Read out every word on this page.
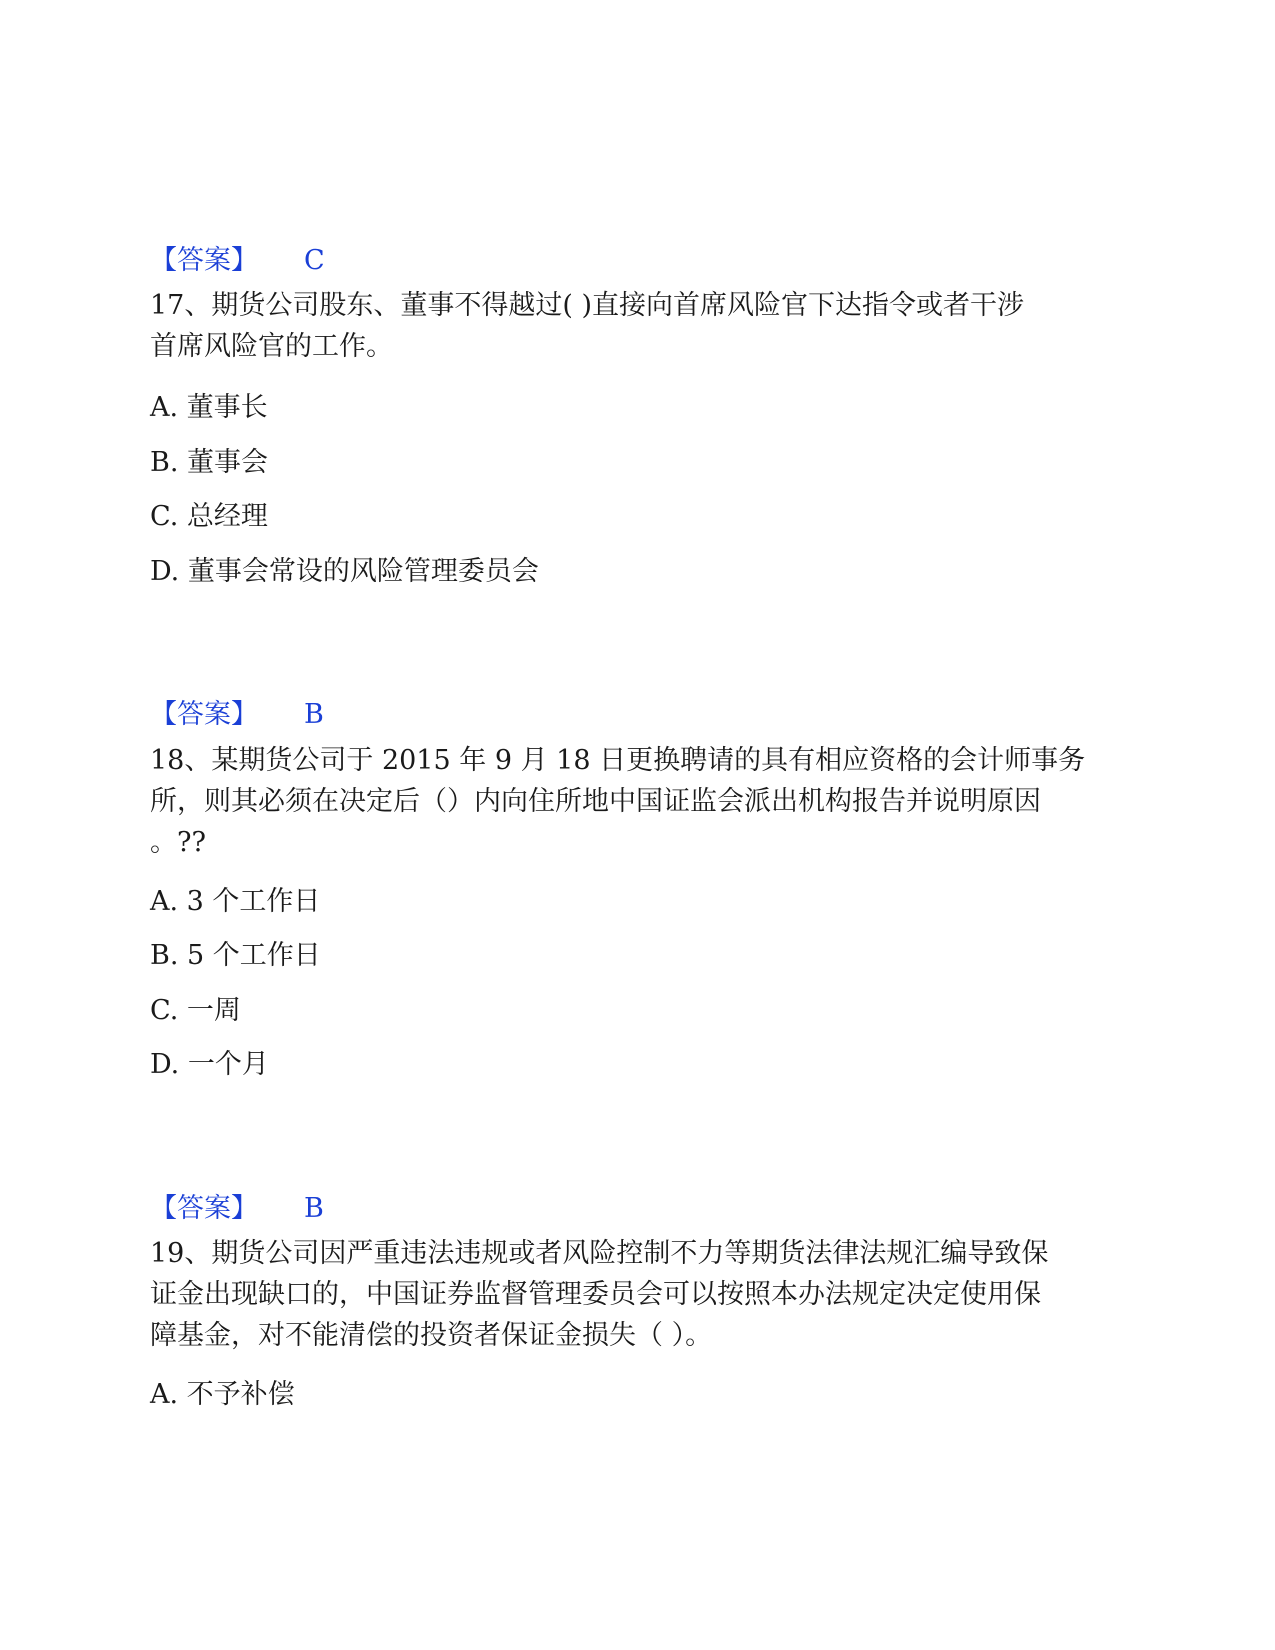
【答案】 C
17、期货公司股东、董事不得越过( )直接向首席风险官下达指令或者干涉
首席风险官的工作。
A. 董事长
B. 董事会
C. 总经理
D. 董事会常设的风险管理委员会
【答案】 B
18、某期货公司于 2015 年 9 月 18 日更换聘请的具有相应资格的会计师事务
所，则其必须在决定后（）内向住所地中国证监会派出机构报告并说明原因
。??
A. 3 个工作日
B. 5 个工作日
C. 一周
D. 一个月
【答案】 B
19、期货公司因严重违法违规或者风险控制不力等期货法律法规汇编导致保
证金出现缺口的，中国证券监督管理委员会可以按照本办法规定决定使用保
障基金，对不能清偿的投资者保证金损失（ ）。
A. 不予补偿
